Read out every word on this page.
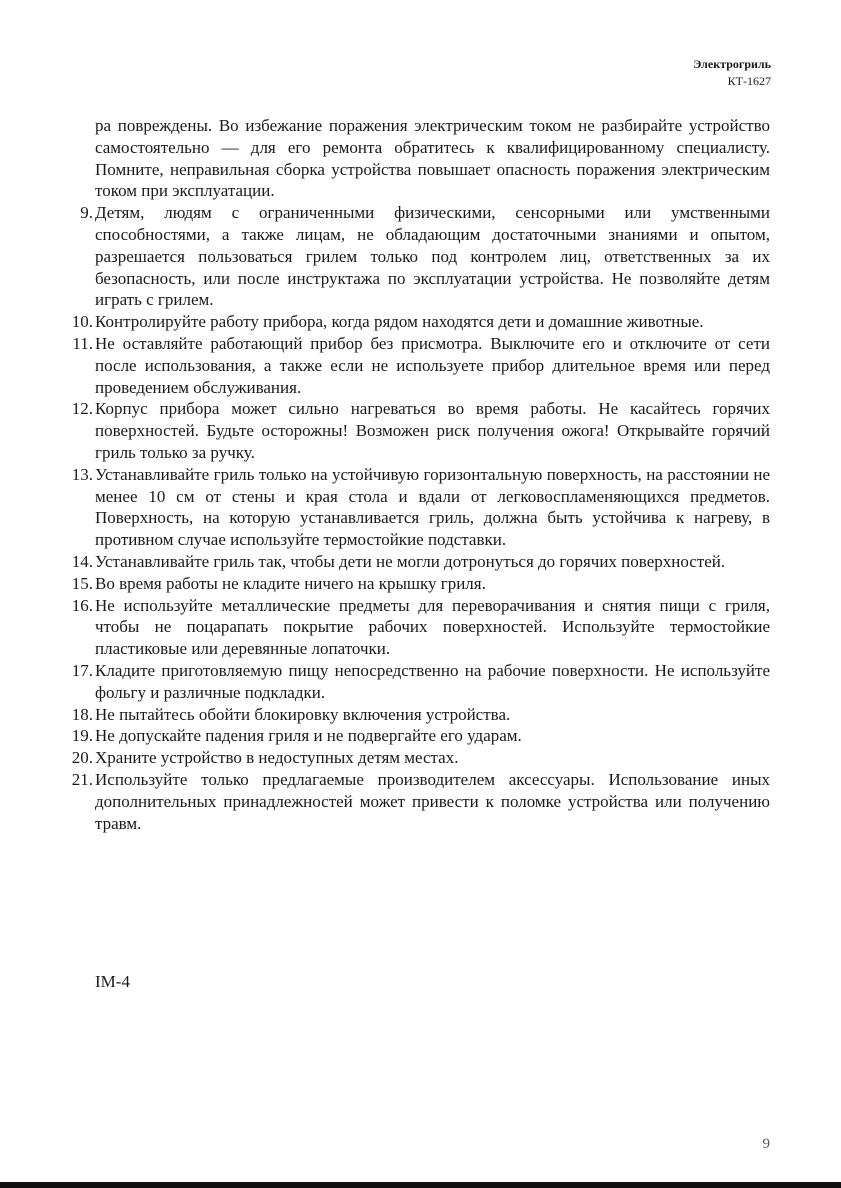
Электрогриль
КТ-1627

ра повреждены. Во избежание поражения электрическим током не разбирайте устройство самостоятельно — для его ремонта обратитесь к квалифицированному специалисту. Помните, неправильная сборка устройства повышает опасность поражения электрическим током при эксплуатации.

9. Детям, людям с ограниченными физическими, сенсорными или умственными способностями, а также лицам, не обладающим достаточными знаниями и опытом, разрешается пользоваться грилем только под контролем лиц, ответственных за их безопасность, или после инструктажа по эксплуатации устройства. Не позволяйте детям играть с грилем.
10. Контролируйте работу прибора, когда рядом находятся дети и домашние животные.
11. Не оставляйте работающий прибор без присмотра. Выключите его и отключите от сети после использования, а также если не используете прибор длительное время или перед проведением обслуживания.
12. Корпус прибора может сильно нагреваться во время работы. Не касайтесь горячих поверхностей. Будьте осторожны! Возможен риск получения ожога! Открывайте горячий гриль только за ручку.
13. Устанавливайте гриль только на устойчивую горизонтальную поверхность, на расстоянии не менее 10 см от стены и края стола и вдали от легковоспламеняющихся предметов. Поверхность, на которую устанавливается гриль, должна быть устойчива к нагреву, в противном случае используйте термостойкие подставки.
14. Устанавливайте гриль так, чтобы дети не могли дотронуться до горячих поверхностей.
15. Во время работы не кладите ничего на крышку гриля.
16. Не используйте металлические предметы для переворачивания и снятия пищи с гриля, чтобы не поцарапать покрытие рабочих поверхностей. Используйте термостойкие пластиковые или деревянные лопаточки.
17. Кладите приготовляемую пищу непосредственно на рабочие поверхности. Не используйте фольгу и различные подкладки.
18. Не пытайтесь обойти блокировку включения устройства.
19. Не допускайте падения гриля и не подвергайте его ударам.
20. Храните устройство в недоступных детям местах.
21. Используйте только предлагаемые производителем аксессуары. Использование иных дополнительных принадлежностей может привести к поломке устройства или получению травм.
IM-4
9
